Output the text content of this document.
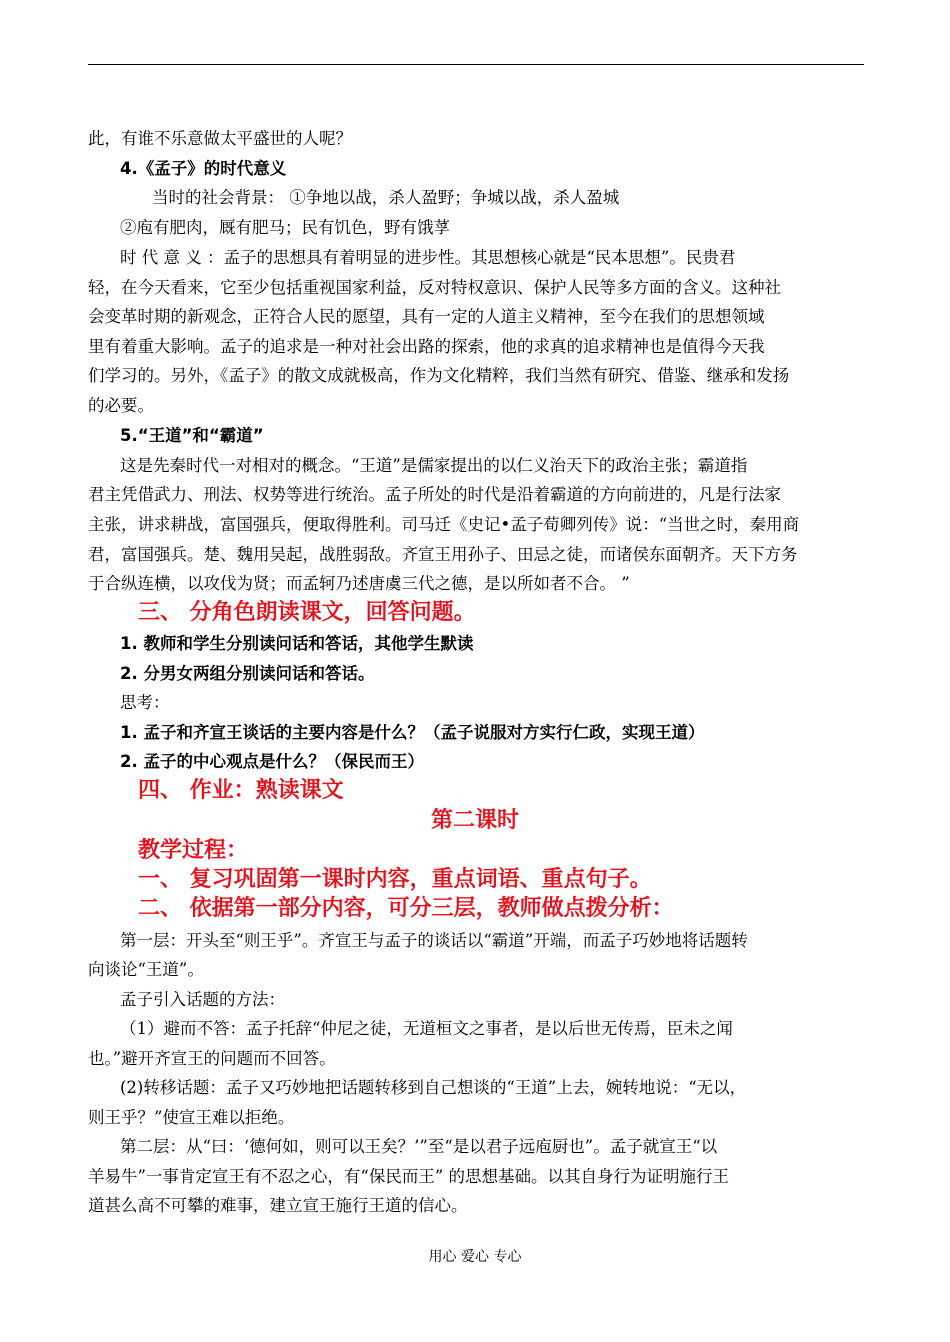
此，有谁不乐意做太平盛世的人呢？
4.《孟子》的时代意义
当时的社会背景： ①争地以战，杀人盈野；争城以战，杀人盈城
②庖有肥肉，厩有肥马；民有饥色，野有饿莩
时 代 意 义 ：孟子的思想具有着明显的进步性。其思想核心就是“民本思想”。民贵君
轻，在今天看来，它至少包括重视国家利益，反对特权意识、保护人民等多方面的含义。这种社
会变革时期的新观念，正符合人民的愿望，具有一定的人道主义精神，至今在我们的思想领域
里有着重大影响。孟子的追求是一种对社会出路的探索，他的求真的追求精神也是值得今天我
们学习的。另外，《孟子》的散文成就极高，作为文化精粹，我们当然有研究、借鉴、继承和发扬
的必要。
5.“王道”和“霸道”
这是先秦时代一对相对的概念。“王道”是儒家提出的以仁义治天下的政治主张；霸道指
君主凭借武力、刑法、权势等进行统治。孟子所处的时代是沿着霸道的方向前进的，凡是行法家
主张，讲求耕战，富国强兵，便取得胜利。司马迁《史记•孟子荀卿列传》说：“当世之时，秦用商
君，富国强兵。楚、魏用吴起，战胜弱敌。齐宣王用孙子、田忌之徒，而诸侯东面朝齐。天下方务
于合纵连横，以攻伐为贤；而孟轲乃述唐虞三代之德，是以所如者不合。 ”
三、 分角色朗读课文，回答问题。
1. 教师和学生分别读问话和答话，其他学生默读
2. 分男女两组分别读问话和答话。
思考：
1. 孟子和齐宣王谈话的主要内容是什么？（孟子说服对方实行仁政，实现王道）
2. 孟子的中心观点是什么？（保民而王）
四、 作业：熟读课文
第二课时
教学过程：
一、 复习巩固第一课时内容，重点词语、重点句子。
二、 依据第一部分内容，可分三层，教师做点拨分析：
第一层：开头至“则王乎”。齐宣王与孟子的谈话以“霸道”开端，而孟子巧妙地将话题转
向谈论“王道”。
孟子引入话题的方法：
（1）避而不答：孟子托辞“仲尼之徒，无道桓文之事者，是以后世无传焉，臣未之闻
也。”避开齐宣王的问题而不回答。
(2)转移话题：孟子又巧妙地把话题转移到自己想谈的“王道”上去，婉转地说：“无以，
则王乎？”使宣王难以拒绝。
第二层：从“曰：‘德何如，则可以王矣？’”至“是以君子远庖厨也”。孟子就宣王“以
羊易牛”一事肯定宣王有不忍之心，有“保民而王” 的思想基础。以其自身行为证明施行王
道甚么高不可攀的难事，建立宣王施行王道的信心。
用心 爱心 专心
